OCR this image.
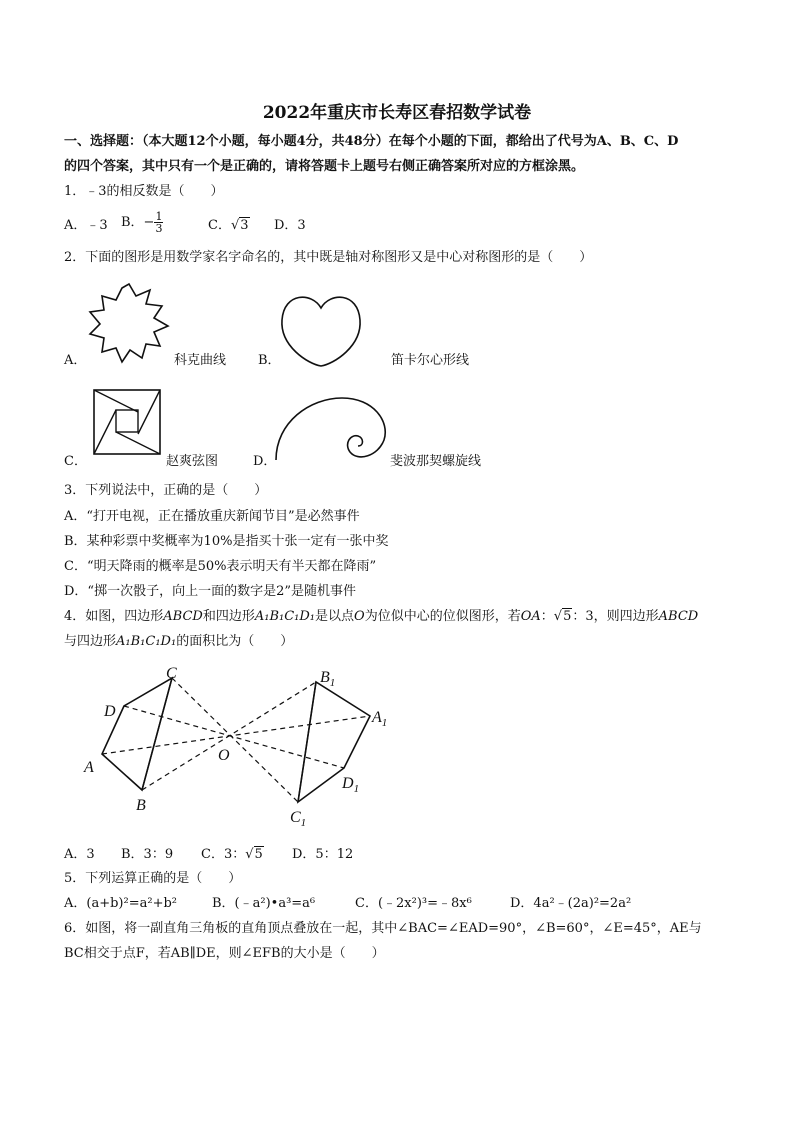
2022年重庆市长寿区春招数学试卷
一、选择题：（本大题12个小题，每小题4分，共48分）在每个小题的下面，都给出了代号为A、B、C、D
的四个答案，其中只有一个是正确的，请将答题卡上题号右侧正确答案所对应的方框涂黑。
1．﹣3的相反数是（　　）
A．﹣3 B．− $\frac{1}{3}$	C．√3 D．3
2．下面的图形是用数学家名字命名的，其中既是轴对称图形又是中心对称图形的是（　　）
A．	科克曲线 B．	笛卡尔心形线
C．	赵爽弦图	D．	斐波那契螺旋线
3．下列说法中，正确的是（　　）
A．“打开电视，正在播放重庆新闻节目”是必然事件
B．某种彩票中奖概率为10%是指买十张一定有一张中奖
C．“明天降雨的概率是50%表示明天有半天都在降雨”
D．“掷一次骰子，向上一面的数字是2”是随机事件
4．如图，四边形ABCD和四边形A₁B₁C₁D₁是以点O为位似中心的位似图形，若OA：√5：3，则四边形ABCD
与四边形A₁B₁C₁D₁的面积比为（　　）
A
B
C
D
O
$B_1$
$A_1$
$D_1$
$C_1$
A．3 B．3：9 C．3：√5 D．5：12
5．下列运算正确的是（　　）
A．(a+b)²=a²+b²	B．(﹣a²)•a³=a⁶	C．(﹣2x²)³=﹣8x⁶	D．4a²﹣(2a)²=2a²
6．如图，将一副直角三角板的直角顶点叠放在一起，其中∠BAC=∠EAD=90°，∠B=60°，∠E=45°，AE与
BC相交于点F，若AB∥DE，则∠EFB的大小是（　　）
